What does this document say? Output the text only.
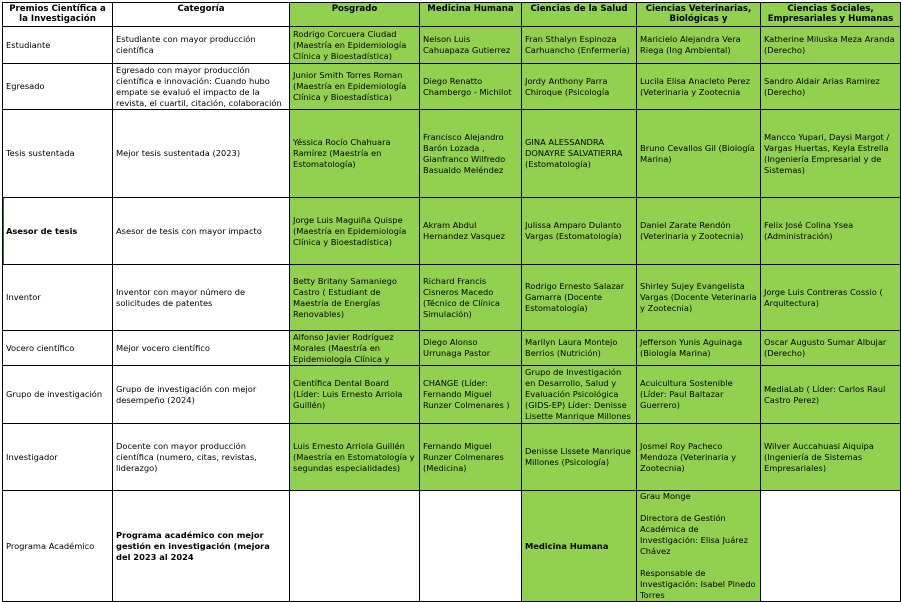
Premios Científica a la Investigación	Categoría	Posgrado	Medicina Humana	Ciencias de la Salud	Ciencias Veterinarias, Biológicas y	Ciencias Sociales, Empresariales y Humanas
Estudiante	Estudiante con mayor producción científica	Rodrigo Corcuera Ciudad (Maestría en Epidemiología Clínica y Bioestadística)	Nelson Luis Cahuapaza Gutierrez	Fran Sthalyn Espinoza Carhuancho (Enfermería)	Maricielo Alejandra Vera Riega (Ing Ambiental)	Katherine Miluska Meza Aranda (Derecho)
Egresado	Egresado con mayor producción científica e innovación: Cuando hubo empate se evaluó el impacto de la revista, el cuartil, citación, colaboración	Junior Smith Torres Roman (Maestría en Epidemiología Clínica y Bioestadística)	Diego Renatto Chambergo - Michilot	Jordy Anthony Parra Chiroque (Psicología	Lucila Elisa Anacleto Perez (Veterinaria y Zootecnia	Sandro Aldair Arias Ramirez (Derecho)
Tesis sustentada	Mejor tesis sustentada (2023)	Yéssica Rocío Chahuara Ramírez (Maestría en Estomatología)	Francisco Alejandro Barón Lozada , Gianfranco Wilfredo Basualdo Meléndez	GINA ALESSANDRA DONAYRE SALVATIERRA (Estomatología)	Bruno Cevallos Gil (Biología Marina)	Mancco Yupari, Daysi Margot / Vargas Huertas, Keyla Estrella (Ingeniería Empresarial y de Sistemas)
Asesor de tesis	Asesor de tesis con mayor impacto	Jorge Luis Maguiña Quispe (Maestría en Epidemiología Clínica y Bioestadística)	Akram Abdul Hernandez Vasquez	Julissa Amparo Dulanto Vargas (Estomatología)	Daniel Zarate Rendón (Veterinaria y Zootecnia)	Felix José Colina Ysea (Administración)
Inventor	Inventor con mayor número de solicitudes de patentes	Betty Britany Samaniego Castro ( Estudiant de Maestría de Energías Renovables)	Richard Francis Cisneros Macedo (Técnico de Clínica Simulación)	Rodrigo Ernesto Salazar Gamarra (Docente Estomatología)	Shirley Sujey Evangelista Vargas (Docente Veterinaria y Zootecnia)	Jorge Luis Contreras Cossio ( Arquitectura)
Vocero científico	Mejor vocero científico	Alfonso Javier Rodríguez Morales (Maestría en Epidemiología Clínica y	Diego Alonso Urrunaga Pastor	Marilyn Laura Montejo Berrios (Nutrición)	Jefferson Yunis Aguinaga (Biología Marina)	Oscar Augusto Sumar Albujar (Derecho)
Grupo de investigación	Grupo de investigación con mejor desempeño (2024)	Científica Dental Board (Líder: Luis Ernesto Arriola Guillén)	CHANGE (Líder: Fernando Miguel Runzer Colmenares )	Grupo de Investigación en Desarrollo, Salud y Evaluación Psicológica (GIDS-EP) Líder: Denisse Lisette Manrique Millones	Acuicultura Sostenible (Líder: Paul Baltazar Guerrero)	MediaLab ( Líder: Carlos Raul Castro Perez)
Investigador	Docente con mayor producción científica (numero, citas, revistas, liderazgo)	Luis Ernesto Arriola Guillén (Maestría en Estomatología y segundas especialidades)	Fernando Miguel Runzer Colmenares (Medicina)	Denisse Lissete Manrique Millones (Psicología)	Josmel Roy Pacheco Mendoza (Veterinaria y Zootecnia)	Wilver Auccahuasi Aiquipa (Ingeniería de Sistemas Empresariales)
Programa Académico	Programa académico con mejor gestión en investigación (mejora del 2023 al 2024			Medicina Humana	Grau Monge

Directora de Gestión Académica de Investigación: Elisa Juárez Chávez

Responsable de Investigación: Isabel Pinedo Torres	
